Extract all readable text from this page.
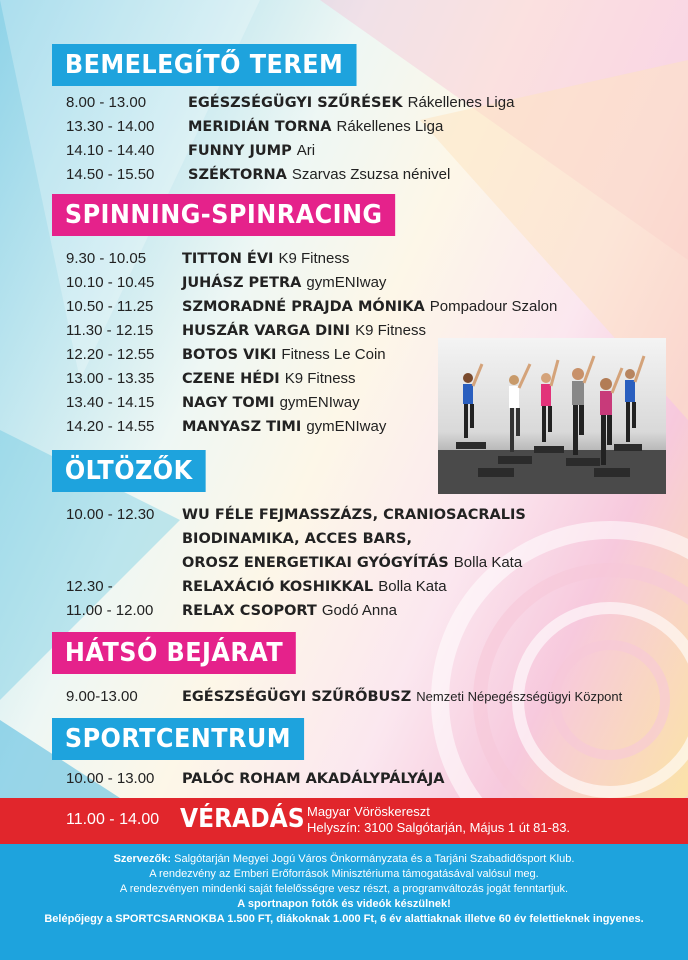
BEMELEGÍTŐ TEREM
8.00 - 13.00	EGÉSZSÉGÜGYI SZŰRÉSEK Rákellenes Liga
13.30 - 14.00 MERIDIÁN TORNA Rákellenes Liga
14.10 - 14.40 FUNNY JUMP Ari
14.50 - 15.50 SZÉKTORNA Szarvas Zsuzsa nénivel
SPINNING-SPINRACING
9.30 - 10.05 TITTON ÉVI K9 Fitness
10.10 - 10.45 JUHÁSZ PETRA gymENIway
10.50 - 11.25 SZMORADNÉ PRAJDA MÓNIKA Pompadour Szalon
11.30 - 12.15 HUSZÁR VARGA DINI K9 Fitness
12.20 - 12.55 BOTOS VIKI Fitness Le Coin
13.00 - 13.35 CZENE HÉDI K9 Fitness
13.40 - 14.15 NAGY TOMI gymENIway
14.20 - 14.55 MANYASZ TIMI gymENIway
ÖLTÖZŐK
10.00 - 12.30 WU FÉLE FEJMASSZÁZS, CRANIOSACRALIS
BIODINAMIKA, ACCES BARS,
OROSZ ENERGETIKAI GYÓGYÍTÁS Bolla Kata
12.30 -	RELAXÁCIÓ KOSHIKKAL Bolla Kata
11.00 - 12.00 RELAX CSOPORT Godó Anna
HÁTSÓ BEJÁRAT
9.00-13.00	EGÉSZSÉGÜGYI SZŰRŐBUSZ Nemzeti Népegészségügyi Központ
SPORTCENTRUM
10.00 - 13.00 PALÓC ROHAM AKADÁLYPÁLYÁJA
11.00 - 14.00 VÉRADÁS Magyar Vöröskereszt
Helyszín: 3100 Salgótarján, Május 1 út 81-83.
Szervezők: Salgótarján Megyei Jogú Város Önkormányzata és a Tarjáni Szabadidősport Klub.
A rendezvény az Emberi Erőforrások Minisztériuma támogatásával valósul meg.
A rendezvényen mindenki saját felelősségre vesz részt, a programváltozás jogát fenntartjuk.
A sportnapon fotók és videók készülnek!
Belépőjegy a SPORTCSARNOKBA 1.500 FT, diákoknak 1.000 Ft, 6 év alattiaknak illetve 60 év felettieknek ingyenes.
